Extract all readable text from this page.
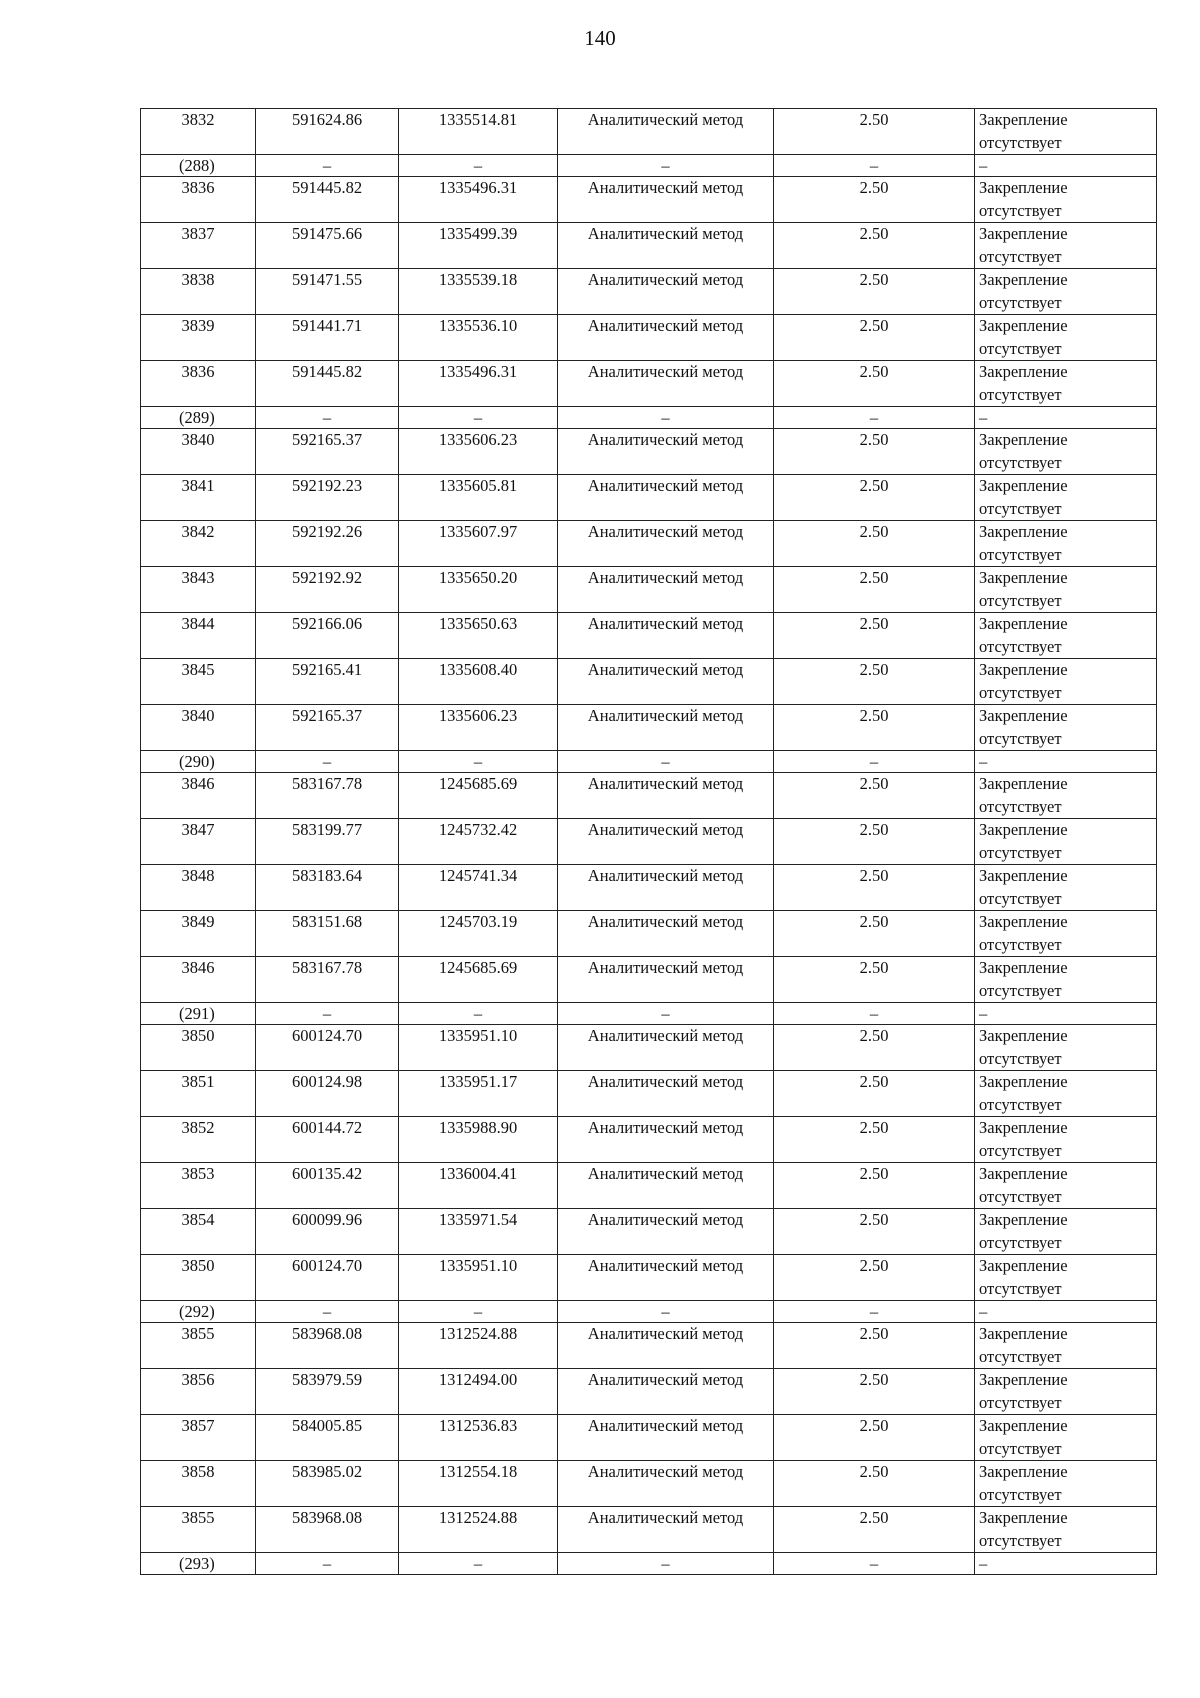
140
3832	591624.86	1335514.81	Аналитический метод	2.50	Закрепление
отсутствует

(288)	–	–	–	–	–
3836	591445.82	1335496.31	Аналитический метод	2.50	Закрепление
отсутствует

3837	591475.66	1335499.39	Аналитический метод	2.50	Закрепление
отсутствует

3838	591471.55	1335539.18	Аналитический метод	2.50	Закрепление
отсутствует

3839	591441.71	1335536.10	Аналитический метод	2.50	Закрепление
отсутствует

3836	591445.82	1335496.31	Аналитический метод	2.50	Закрепление
отсутствует

(289)	–	–	–	–	–
3840	592165.37	1335606.23	Аналитический метод	2.50	Закрепление
отсутствует

3841	592192.23	1335605.81	Аналитический метод	2.50	Закрепление
отсутствует

3842	592192.26	1335607.97	Аналитический метод	2.50	Закрепление
отсутствует

3843	592192.92	1335650.20	Аналитический метод	2.50	Закрепление
отсутствует

3844	592166.06	1335650.63	Аналитический метод	2.50	Закрепление
отсутствует

3845	592165.41	1335608.40	Аналитический метод	2.50	Закрепление
отсутствует

3840	592165.37	1335606.23	Аналитический метод	2.50	Закрепление
отсутствует

(290)	–	–	–	–	–
3846	583167.78	1245685.69	Аналитический метод	2.50	Закрепление
отсутствует

3847	583199.77	1245732.42	Аналитический метод	2.50	Закрепление
отсутствует

3848	583183.64	1245741.34	Аналитический метод	2.50	Закрепление
отсутствует

3849	583151.68	1245703.19	Аналитический метод	2.50	Закрепление
отсутствует

3846	583167.78	1245685.69	Аналитический метод	2.50	Закрепление
отсутствует

(291)	–	–	–	–	–
3850	600124.70	1335951.10	Аналитический метод	2.50	Закрепление
отсутствует

3851	600124.98	1335951.17	Аналитический метод	2.50	Закрепление
отсутствует

3852	600144.72	1335988.90	Аналитический метод	2.50	Закрепление
отсутствует

3853	600135.42	1336004.41	Аналитический метод	2.50	Закрепление
отсутствует

3854	600099.96	1335971.54	Аналитический метод	2.50	Закрепление
отсутствует

3850	600124.70	1335951.10	Аналитический метод	2.50	Закрепление
отсутствует

(292)	–	–	–	–	–
3855	583968.08	1312524.88	Аналитический метод	2.50	Закрепление
отсутствует

3856	583979.59	1312494.00	Аналитический метод	2.50	Закрепление
отсутствует

3857	584005.85	1312536.83	Аналитический метод	2.50	Закрепление
отсутствует

3858	583985.02	1312554.18	Аналитический метод	2.50	Закрепление
отсутствует

3855	583968.08	1312524.88	Аналитический метод	2.50	Закрепление
отсутствует

(293)	–	–	–	–	–
